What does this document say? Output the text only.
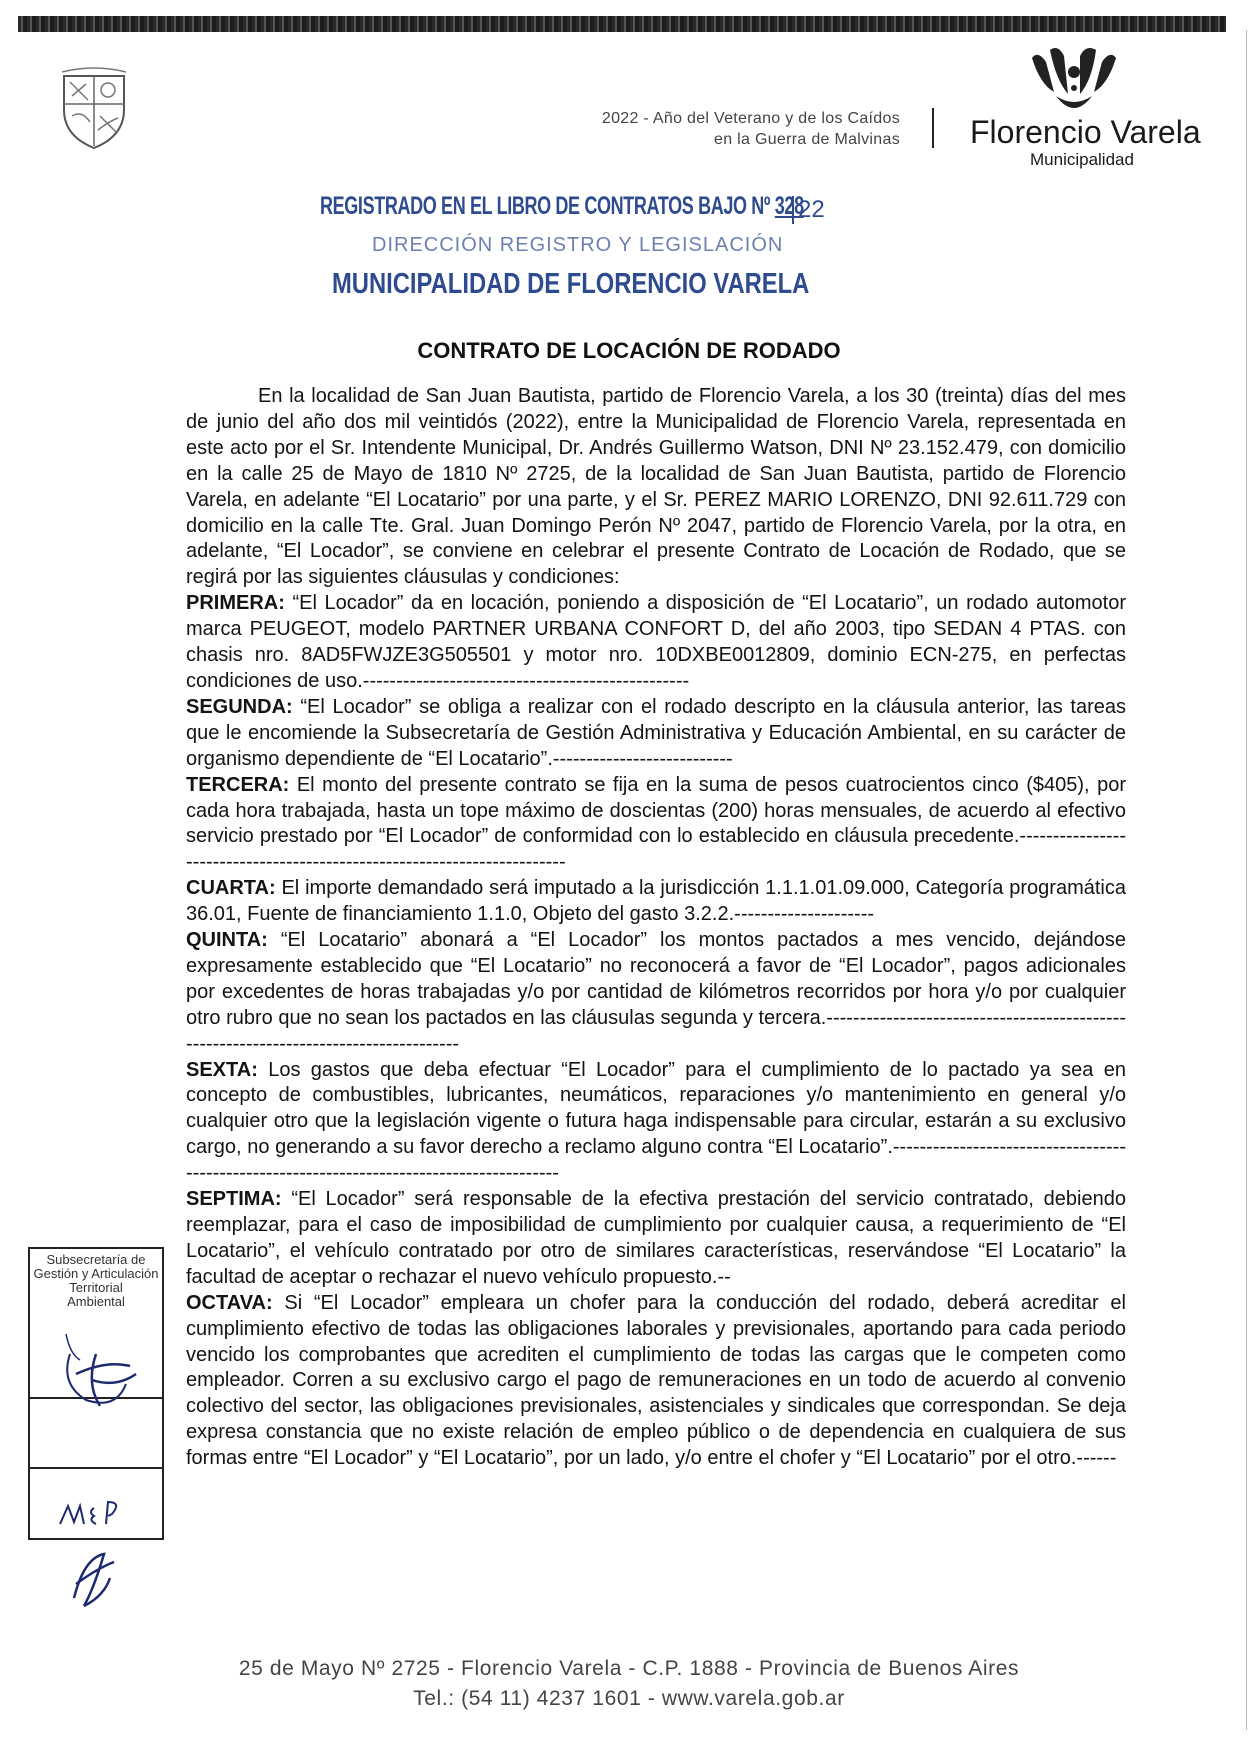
2022 - Año del Veterano y de los Caídos
en la Guerra de Malvinas Florencio Varela
Municipalidad
REGISTRADO EN EL LIBRO DE CONTRATOS BAJO Nº 328
22
DIRECCIÓN REGISTRO Y LEGISLACIÓN
MUNICIPALIDAD DE FLORENCIO VARELA
CONTRATO DE LOCACIÓN DE RODADO

En la localidad de San Juan Bautista, partido de Florencio Varela, a los 30 (treinta) días del mes de junio del año dos mil veintidós (2022), entre la Municipalidad de Florencio Varela, representada en este acto por el Sr. Intendente Municipal, Dr. Andrés Guillermo Watson, DNI Nº 23.152.479, con domicilio en la calle 25 de Mayo de 1810 Nº 2725, de la localidad de San Juan Bautista, partido de Florencio Varela, en adelante “El Locatario” por una parte, y el Sr. PEREZ MARIO LORENZO, DNI 92.611.729 con domicilio en la calle Tte. Gral. Juan Domingo Perón Nº 2047, partido de Florencio Varela, por la otra, en adelante, “El Locador”, se conviene en celebrar el presente Contrato de Locación de Rodado, que se regirá por las siguientes cláusulas y condiciones:

PRIMERA: “El Locador” da en locación, poniendo a disposición de “El Locatario”, un rodado automotor marca PEUGEOT, modelo PARTNER URBANA CONFORT D, del año 2003, tipo SEDAN 4 PTAS. con chasis nro. 8AD5FWJZE3G505501 y motor nro. 10DXBE0012809, dominio ECN-275, en perfectas condiciones de uso.-------------------------------------------------

SEGUNDA: “El Locador” se obliga a realizar con el rodado descripto en la cláusula anterior, las tareas que le encomiende la Subsecretaría de Gestión Administrativa y Educación Ambiental, en su carácter de organismo dependiente de “El Locatario”.---------------------------

TERCERA: El monto del presente contrato se fija en la suma de pesos cuatrocientos cinco ($405), por cada hora trabajada, hasta un tope máximo de doscientas (200) horas mensuales, de acuerdo al efectivo servicio prestado por “El Locador” de conformidad con lo establecido en cláusula precedente.-------------------------------------------------------------------------

CUARTA: El importe demandado será imputado a la jurisdicción 1.1.1.01.09.000, Categoría programática 36.01, Fuente de financiamiento 1.1.0, Objeto del gasto 3.2.2.---------------------

QUINTA: “El Locatario” abonará a “El Locador” los montos pactados a mes vencido, dejándose expresamente establecido que “El Locatario” no reconocerá a favor de “El Locador”, pagos adicionales por excedentes de horas trabajadas y/o por cantidad de kilómetros recorridos por hora y/o por cualquier otro rubro que no sean los pactados en las cláusulas segunda y tercera.--------------------------------------------------------------------------------------

SEXTA: Los gastos que deba efectuar “El Locador” para el cumplimiento de lo pactado ya sea en concepto de combustibles, lubricantes, neumáticos, reparaciones y/o mantenimiento en general y/o cualquier otro que la legislación vigente o futura haga indispensable para circular, estarán a su exclusivo cargo, no generando a su favor derecho a reclamo alguno contra “El Locatario”.-------------------------------------------------------------------------------------------

SEPTIMA: “El Locador” será responsable de la efectiva prestación del servicio contratado, debiendo reemplazar, para el caso de imposibilidad de cumplimiento por cualquier causa, a requerimiento de “El Locatario”, el vehículo contratado por otro de similares características, reservándose “El Locatario” la facultad de aceptar o rechazar el nuevo vehículo propuesto.--

OCTAVA: Si “El Locador” empleara un chofer para la conducción del rodado, deberá acreditar el cumplimiento efectivo de todas las obligaciones laborales y previsionales, aportando para cada periodo vencido los comprobantes que acrediten el cumplimiento de todas las cargas que le competen como empleador. Corren a su exclusivo cargo el pago de remuneraciones en un todo de acuerdo al convenio colectivo del sector, las obligaciones previsionales, asistenciales y sindicales que correspondan. Se deja expresa constancia que no existe relación de empleo público o de dependencia en cualquiera de sus formas entre “El Locador” y “El Locatario”, por un lado, y/o entre el chofer y “El Locatario” por el otro.------

Subsecretaría de
Gestión y Articulación
Territorial
Ambiental
25 de Mayo Nº 2725 - Florencio Varela - C.P. 1888 - Provincia de Buenos Aires
Tel.: (54 11) 4237 1601 - www.varela.gob.ar
